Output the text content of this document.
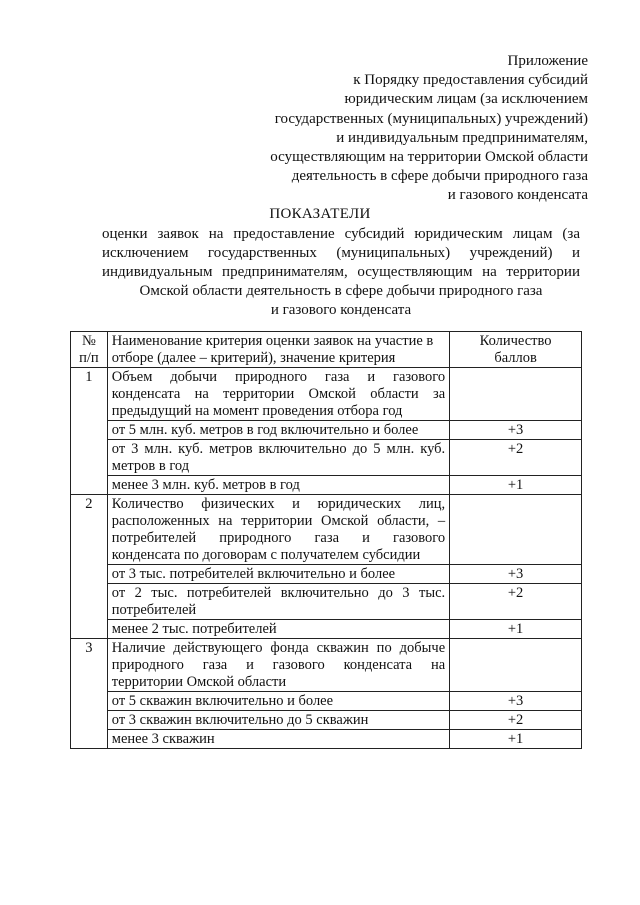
Приложение
к Порядку предоставления субсидий
юридическим лицам (за исключением
государственных (муниципальных) учреждений)
и индивидуальным предпринимателям,
осуществляющим на территории Омской области
деятельность в сфере добычи природного газа
и газового конденсата
ПОКАЗАТЕЛИ
оценки заявок на предоставление субсидий юридическим лицам (за
исключением государственных (муниципальных) учреждений) и
индивидуальным предпринимателям, осуществляющим на территории
Омской области деятельность в сфере добычи природного газа
и газового конденсата
№
п/п	Наименование критерия оценки заявок на участие в
отборе (далее – критерий), значение критерия	Количество
баллов

1	Объем добычи природного газа и газового
конденсата на территории Омской области за
предыдущий на момент проведения отбора год	

	от 5 млн. куб. метров в год включительно и более	+3

	от 3 млн. куб. метров включительно до 5 млн. куб.
метров в год	+2

	менее 3 млн. куб. метров в год	+1
2	Количество физических и юридических лиц,
расположенных на территории Омской области, –
потребителей природного газа и газового
конденсата по договорам с получателем субсидии	

	от 3 тыс. потребителей включительно и более	+3

	от 2 тыс. потребителей включительно до 3 тыс.
потребителей	+2

	менее 2 тыс. потребителей	+1
3	Наличие действующего фонда скважин по добыче
природного газа и газового конденсата на
территории Омской области	

	от 5 скважин включительно и более	+3

	от 3 скважин включительно до 5 скважин	+2

	менее 3 скважин	+1
